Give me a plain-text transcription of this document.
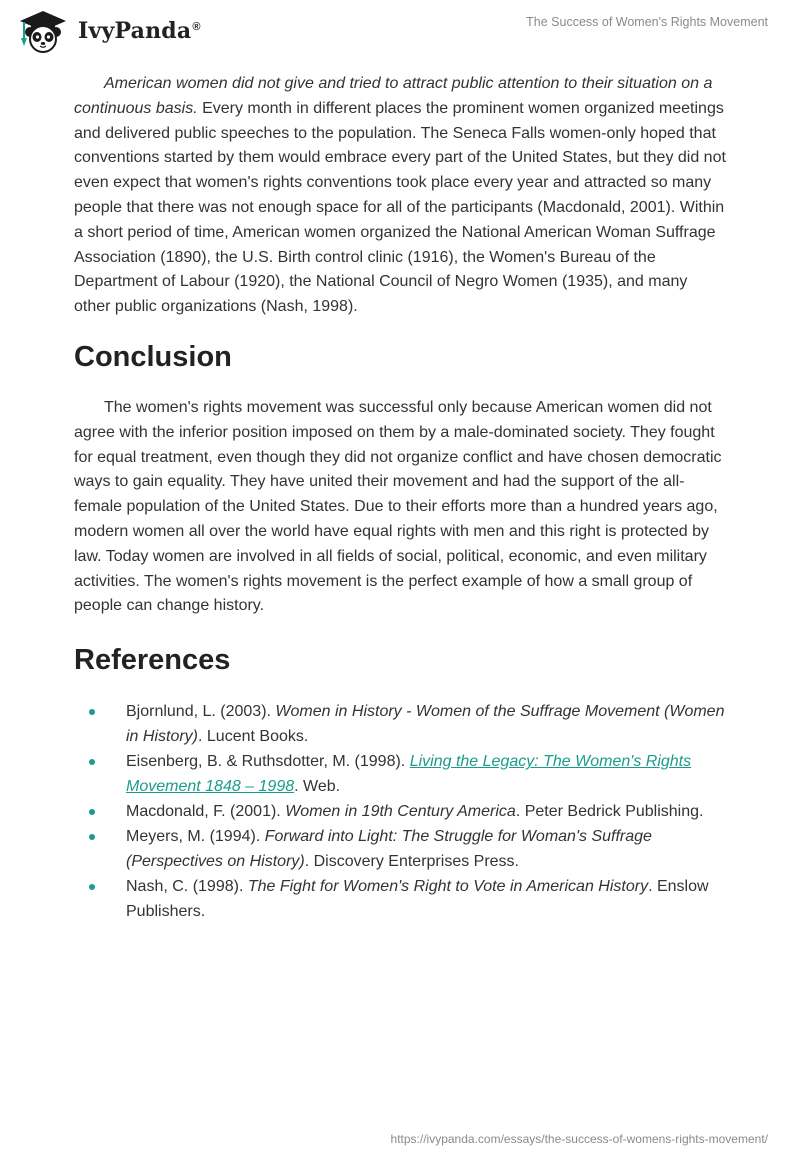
IvyPanda®	The Success of Women's Rights Movement

American women did not give and tried to attract public attention to their situation on a continuous basis. Every month in different places the prominent women organized meetings and delivered public speeches to the population. The Seneca Falls women-only hoped that conventions started by them would embrace every part of the United States, but they did not even expect that women's rights conventions took place every year and attracted so many people that there was not enough space for all of the participants (Macdonald, 2001). Within a short period of time, American women organized the National American Woman Suffrage Association (1890), the U.S. Birth control clinic (1916), the Women's Bureau of the Department of Labour (1920), the National Council of Negro Women (1935), and many other public organizations (Nash, 1998).

Conclusion

The women's rights movement was successful only because American women did not agree with the inferior position imposed on them by a male-dominated society. They fought for equal treatment, even though they did not organize conflict and have chosen democratic ways to gain equality. They have united their movement and had the support of the all-female population of the United States. Due to their efforts more than a hundred years ago, modern women all over the world have equal rights with men and this right is protected by law. Today women are involved in all fields of social, political, economic, and even military activities. The women's rights movement is the perfect example of how a small group of people can change history.

References
Bjornlund, L. (2003). Women in History - Women of the Suffrage Movement (Women in History). Lucent Books.
Eisenberg, B. & Ruthsdotter, M. (1998). Living the Legacy: The Women's Rights Movement 1848 – 1998. Web.
Macdonald, F. (2001). Women in 19th Century America. Peter Bedrick Publishing.
Meyers, M. (1994). Forward into Light: The Struggle for Woman's Suffrage (Perspectives on History). Discovery Enterprises Press.
Nash, C. (1998). The Fight for Women's Right to Vote in American History. Enslow Publishers.
https://ivypanda.com/essays/the-success-of-womens-rights-movement/
